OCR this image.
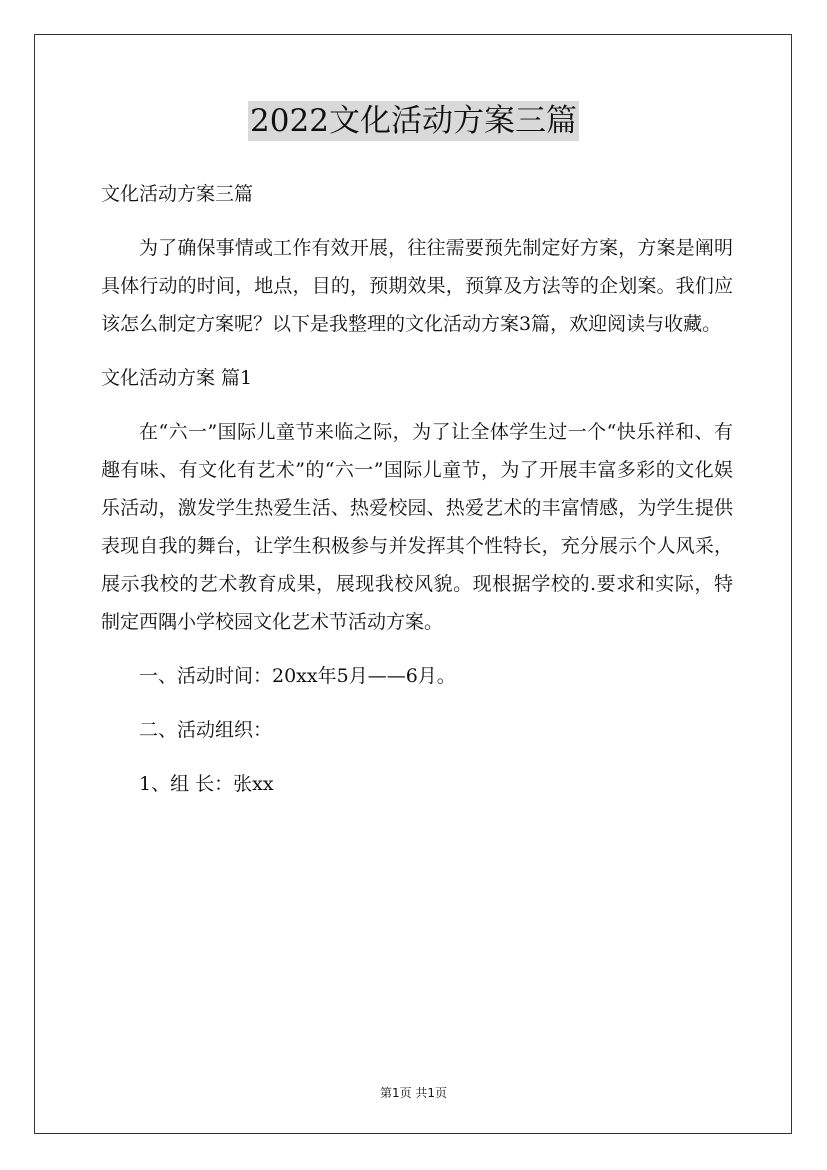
2022文化活动方案三篇

文化活动方案三篇

为了确保事情或工作有效开展，往往需要预先制定好方案，方案是阐明具体行动的时间，地点，目的，预期效果，预算及方法等的企划案。我们应该怎么制定方案呢？以下是我整理的文化活动方案3篇，欢迎阅读与收藏。

文化活动方案 篇1

在“六一”国际儿童节来临之际，为了让全体学生过一个“快乐祥和、有趣有味、有文化有艺术”的“六一”国际儿童节，为了开展丰富多彩的文化娱乐活动，激发学生热爱生活、热爱校园、热爱艺术的丰富情感，为学生提供表现自我的舞台，让学生积极参与并发挥其个性特长，充分展示个人风采，展示我校的艺术教育成果，展现我校风貌。现根据学校的.要求和实际，特制定西隅小学校园文化艺术节活动方案。

一、活动时间：20xx年5月——6月。

二、活动组织：

1、组 长：张xx

第1页 共1页
